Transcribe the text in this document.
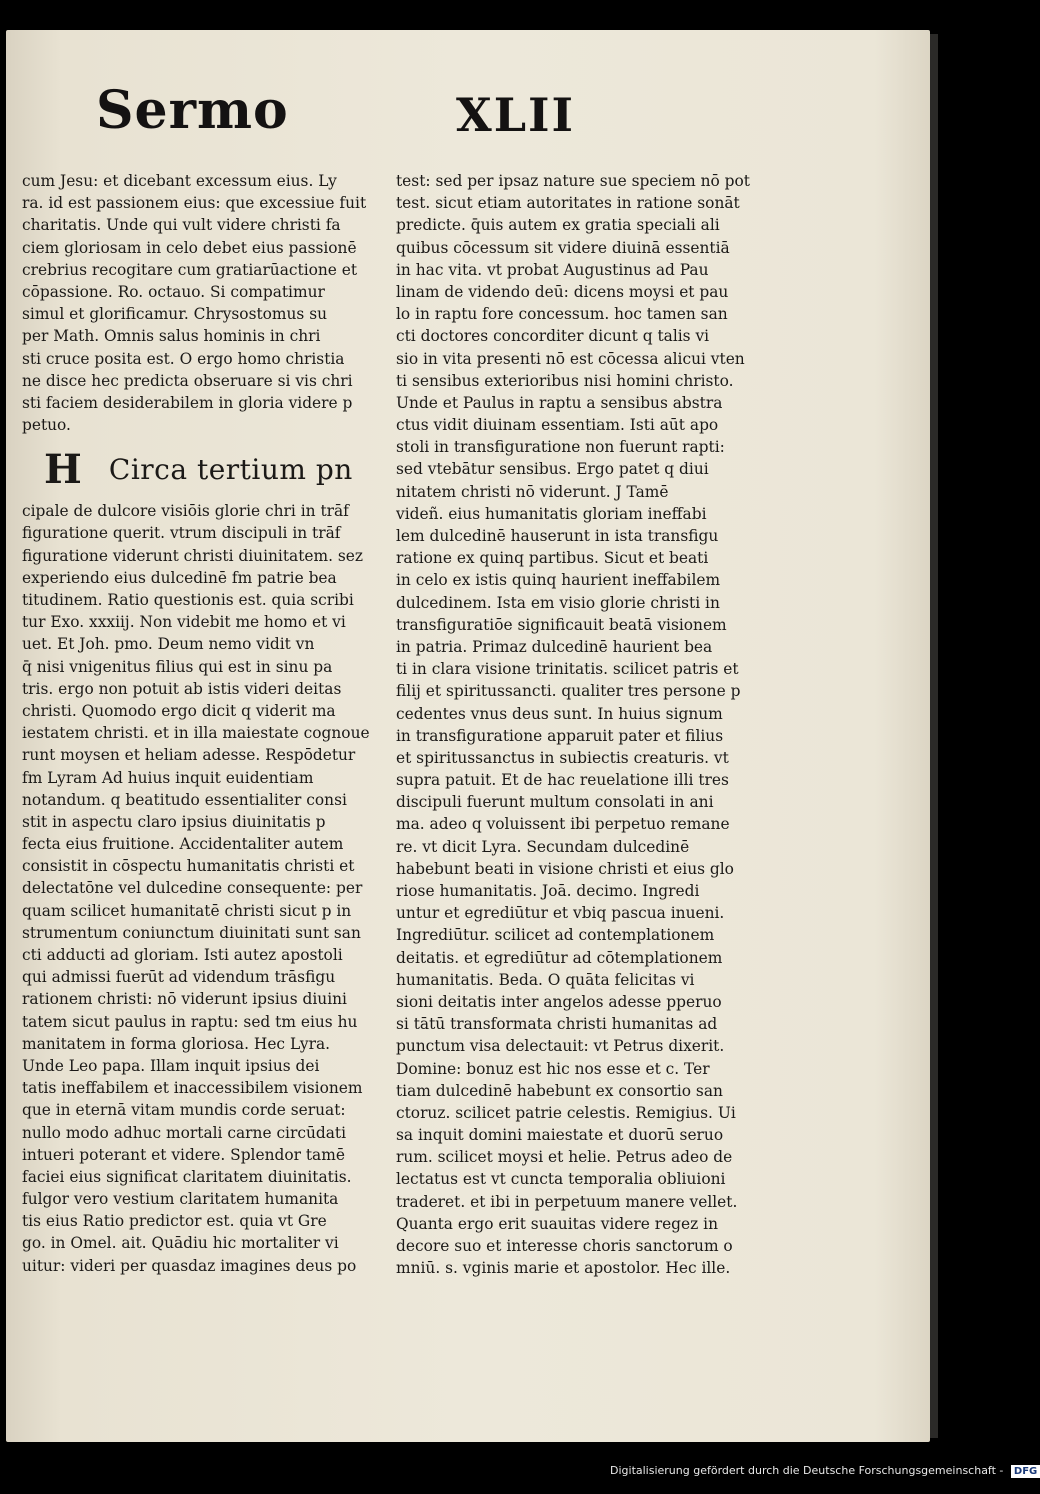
Sermo	XLII
cum Jesu: et dicebant excessum eius. Ly
ra. id est passionem eius: que excessiue fuit
charitatis. Unde qui vult videre christi fa
ciem gloriosam in celo debet eius passionē
crebrius recogitare cum gratiarūactione et
cōpassione. Ro. octauo. Si compatimur
simul et glorificamur. Chrysostomus su
per Math. Omnis salus hominis in chri
sti cruce posita est. O ergo homo christia
ne disce hec predicta obseruare si vis chri
sti faciem desiderabilem in gloria videre p
petuo.
H Circa tertium pn
cipale de dulcore visiōis glorie chri in trāf
figuratione querit. vtrum discipuli in trāf
figuratione viderunt christi diuinitatem. sez
experiendo eius dulcedinē fm patrie bea
titudinem. Ratio questionis est. quia scribi
tur Exo. xxxiij. Non videbit me homo et vi
uet. Et Joh. pmo. Deum nemo vidit vn
q̄ nisi vnigenitus filius qui est in sinu pa
tris. ergo non potuit ab istis videri deitas
christi. Quomodo ergo dicit q viderit ma
iestatem christi. et in illa maiestate cognoue
runt moysen et heliam adesse. Respōdetur
fm Lyram Ad huius inquit euidentiam
notandum. q beatitudo essentialiter consi
stit in aspectu claro ipsius diuinitatis p
fecta eius fruitione. Accidentaliter autem
consistit in cōspectu humanitatis christi et
delectatōne vel dulcedine consequente: per
quam scilicet humanitatē christi sicut p in
strumentum coniunctum diuinitati sunt san
cti adducti ad gloriam. Isti autez apostoli
qui admissi fuerūt ad videndum trāsfigu
rationem christi: nō viderunt ipsius diuini
tatem sicut paulus in raptu: sed tm eius hu
manitatem in forma gloriosa. Hec Lyra.
Unde Leo papa. Illam inquit ipsius dei
tatis ineffabilem et inaccessibilem visionem
que in eternā vitam mundis corde seruat:
nullo modo adhuc mortali carne circūdati
intueri poterant et videre. Splendor tamē
faciei eius significat claritatem diuinitatis.
fulgor vero vestium claritatem humanita
tis eius Ratio predictor est. quia vt Gre
go. in Omel. ait. Quādiu hic mortaliter vi
uitur: videri per quasdaz imagines deus po
test: sed per ipsaz nature sue speciem nō pot
test. sicut etiam autoritates in ratione sonāt
predicte. q̄uis autem ex gratia speciali ali
quibus cōcessum sit videre diuinā essentiā
in hac vita. vt probat Augustinus ad Pau
linam de videndo deū: dicens moysi et pau
lo in raptu fore concessum. hoc tamen san
cti doctores concorditer dicunt q talis vi
sio in vita presenti nō est cōcessa alicui vten
ti sensibus exterioribus nisi homini christo.
Unde et Paulus in raptu a sensibus abstra
ctus vidit diuinam essentiam. Isti aūt apo
stoli in transfiguratione non fuerunt rapti:
sed vtebātur sensibus. Ergo patet q diui
nitatem christi nō viderunt. J Tamē
videñ. eius humanitatis gloriam ineffabi
lem dulcedinē hauserunt in ista transfigu
ratione ex quinq partibus. Sicut et beati
in celo ex istis quinq haurient ineffabilem
dulcedinem. Ista em visio glorie christi in
transfiguratiōe significauit beatā visionem
in patria. Primaz dulcedinē haurient bea
ti in clara visione trinitatis. scilicet patris et
filij et spiritussancti. qualiter tres persone p
cedentes vnus deus sunt. In huius signum
in transfiguratione apparuit pater et filius
et spiritussanctus in subiectis creaturis. vt
supra patuit. Et de hac reuelatione illi tres
discipuli fuerunt multum consolati in ani
ma. adeo q voluissent ibi perpetuo remane
re. vt dicit Lyra. Secundam dulcedinē
habebunt beati in visione christi et eius glo
riose humanitatis. Joā. decimo. Ingredi
untur et egrediūtur et vbiq pascua inueni.
Ingrediūtur. scilicet ad contemplationem
deitatis. et egrediūtur ad cōtemplationem
humanitatis. Beda. O quāta felicitas vi
sioni deitatis inter angelos adesse pperuo
si tātū transformata christi humanitas ad
punctum visa delectauit: vt Petrus dixerit.
Domine: bonuz est hic nos esse et c. Ter
tiam dulcedinē habebunt ex consortio san
ctoruz. scilicet patrie celestis. Remigius. Ui
sa inquit domini maiestate et duorū seruo
rum. scilicet moysi et helie. Petrus adeo de
lectatus est vt cuncta temporalia obliuioni
traderet. et ibi in perpetuum manere vellet.
Quanta ergo erit suauitas videre regez in
decore suo et interesse choris sanctorum o
mniū. s. vginis marie et apostolor. Hec ille.
Digitalisierung gefördert durch die Deutsche Forschungsgemeinschaft - DFG
